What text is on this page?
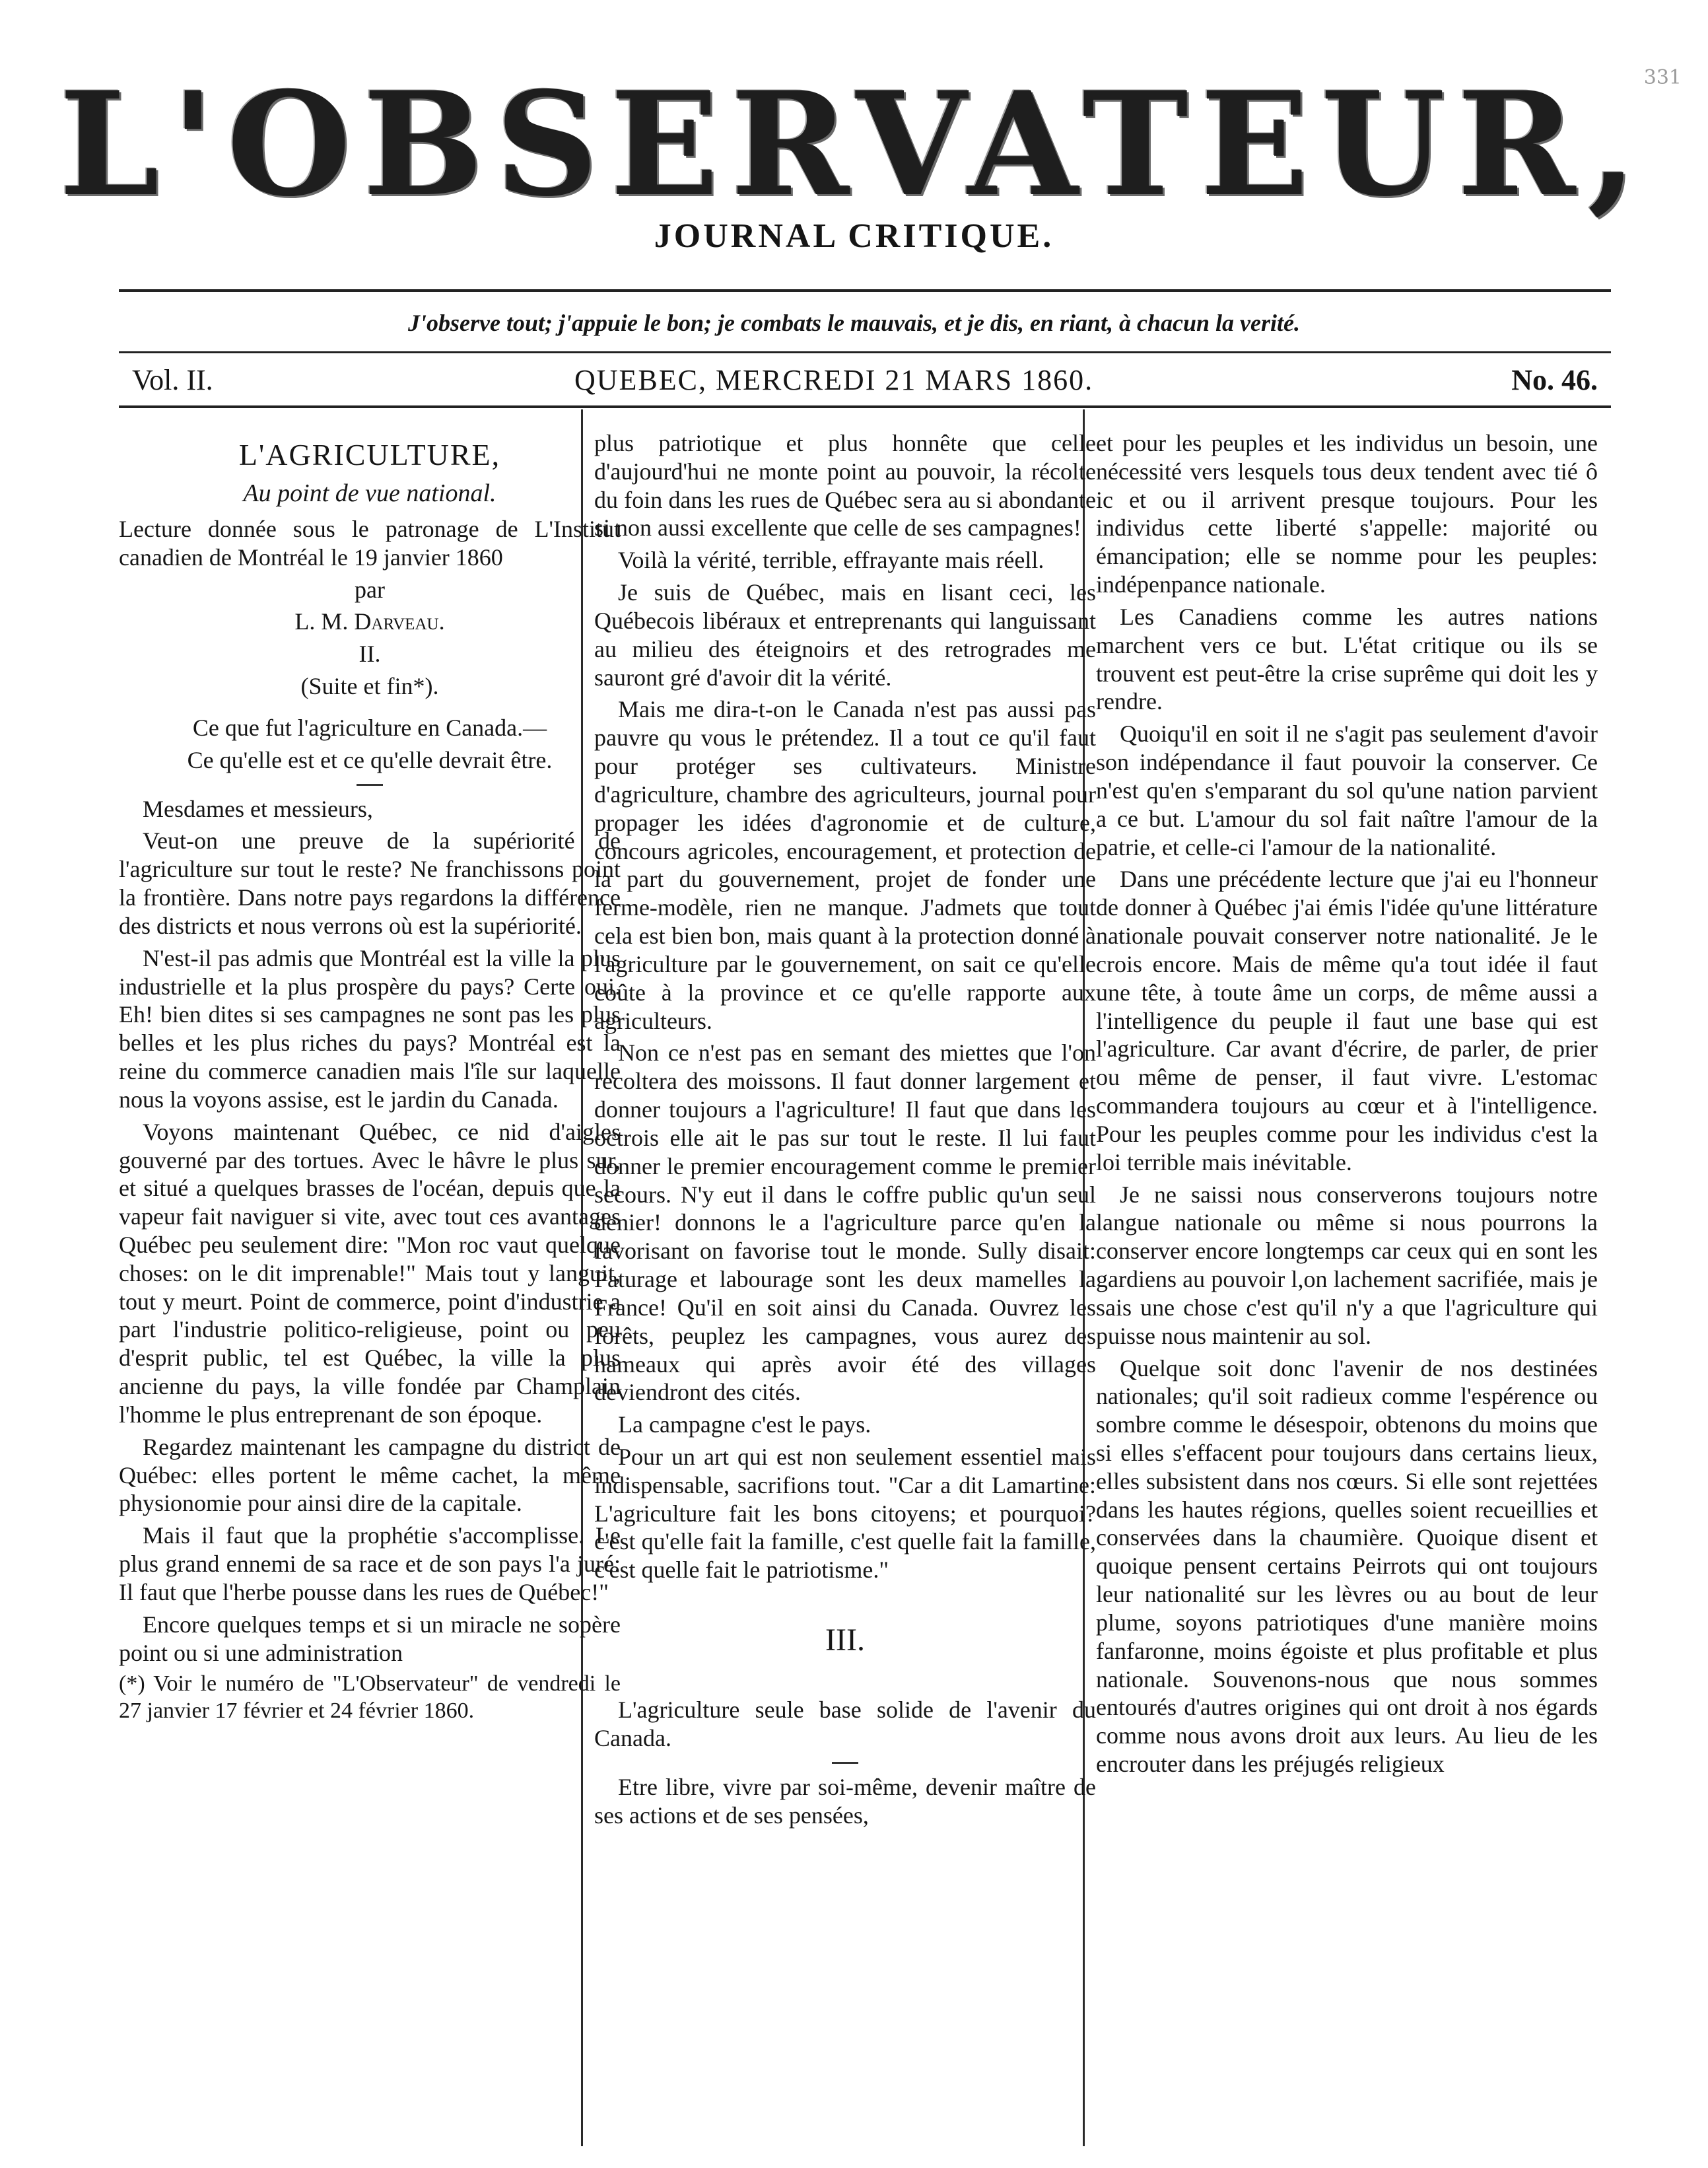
331
L'OBSERVATEUR,
JOURNAL CRITIQUE.
J'observe tout; j'appuie le bon; je combats le mauvais, et je dis, en riant, à chacun la verité.
Vol. II.	QUEBEC, MERCREDI 21 MARS 1860.	No. 46.
L'AGRICULTURE,
Au point de vue national.

Lecture donnée sous le patronage de L'Institut canadien de Montréal le 19 janvier 1860

par

L. M. Darveau.

II.

(Suite et fin*).

Ce que fut l'agriculture en Canada.—

Ce qu'elle est et ce qu'elle devrait être.

Mesdames et messieurs,

Veut-on une preuve de la supériorité de l'agriculture sur tout le reste? Ne franchissons point la frontière. Dans notre pays regardons la différence des districts et nous verrons où est la supériorité.

N'est-il pas admis que Montréal est la ville la plus industrielle et la plus prospère du pays? Certe oui. Eh! bien dites si ses campagnes ne sont pas les plus belles et les plus riches du pays? Montréal est la reine du commerce canadien mais l'île sur laquelle nous la voyons assise, est le jardin du Canada.

Voyons maintenant Québec, ce nid d'aigles gouverné par des tortues. Avec le hâvre le plus sur, et situé a quelques brasses de l'océan, depuis que la vapeur fait naviguer si vite, avec tout ces avantages Québec peu seulement dire: "Mon roc vaut quelque choses: on le dit imprenable!" Mais tout y languit, tout y meurt. Point de commerce, point d'industrie a part l'industrie politico-religieuse, point ou peu d'esprit public, tel est Québec, la ville la plus ancienne du pays, la ville fondée par Champlain l'homme le plus entreprenant de son époque.

Regardez maintenant les campagne du district de Québec: elles portent le même cachet, la même physionomie pour ainsi dire de la capitale.

Mais il faut que la prophétie s'accomplisse. Le plus grand ennemi de sa race et de son pays l'a juré: Il faut que l'herbe pousse dans les rues de Québec!"

Encore quelques temps et si un miracle ne sopère point ou si une administration

(*) Voir le numéro de "L'Observateur" de vendredi le 27 janvier 17 février et 24 février 1860.

plus patriotique et plus honnête que celle d'aujourd'hui ne monte point au pouvoir, la récolte du foin dans les rues de Québec sera au si abondante si non aussi excellente que celle de ses campagnes!

Voilà la vérité, terrible, effrayante mais réell.

Je suis de Québec, mais en lisant ceci, les Québecois libéraux et entreprenants qui languissant au milieu des éteignoirs et des retrogrades me sauront gré d'avoir dit la vérité.

Mais me dira-t-on le Canada n'est pas aussi pas pauvre qu vous le prétendez. Il a tout ce qu'il faut pour protéger ses cultivateurs. Ministre d'agriculture, chambre des agriculteurs, journal pour propager les idées d'agronomie et de culture, concours agricoles, encouragement, et protection de la part du gouvernement, projet de fonder une ferme-modèle, rien ne manque. J'admets que tout cela est bien bon, mais quant à la protection donné à l'agriculture par le gouvernement, on sait ce qu'elle coûte à la province et ce qu'elle rapporte aux agriculteurs.

Non ce n'est pas en semant des miettes que l'on recoltera des moissons. Il faut donner largement et donner toujours a l'agriculture! Il faut que dans les octrois elle ait le pas sur tout le reste. Il lui faut donner le premier encouragement comme le premier secours. N'y eut il dans le coffre public qu'un seul denier! donnons le a l'agriculture parce qu'en la favorisant on favorise tout le monde. Sully disait: Paturage et labourage sont les deux mamelles la France! Qu'il en soit ainsi du Canada. Ouvrez les forêts, peuplez les campagnes, vous aurez des hameaux qui après avoir été des villages deviendront des cités.

La campagne c'est le pays.

Pour un art qui est non seulement essentiel mais indispensable, sacrifions tout. "Car a dit Lamartine: L'agriculture fait les bons citoyens; et pourquoi? c'est qu'elle fait la famille, c'est quelle fait la famille, c'est quelle fait le patriotisme."

III.

L'agriculture seule base solide de l'avenir du Canada.

Etre libre, vivre par soi-même, devenir maître de ses actions et de ses pensées,

et pour les peuples et les individus un besoin, une nécessité vers lesquels tous deux tendent avec tié ô ic et ou il arrivent presque toujours. Pour les individus cette liberté s'appelle: majorité ou émancipation; elle se nomme pour les peuples: indépenpance nationale.

Les Canadiens comme les autres nations marchent vers ce but. L'état critique ou ils se trouvent est peut-être la crise suprême qui doit les y rendre.

Quoiqu'il en soit il ne s'agit pas seulement d'avoir son indépendance il faut pouvoir la conserver. Ce n'est qu'en s'emparant du sol qu'une nation parvient a ce but. L'amour du sol fait naître l'amour de la patrie, et celle-ci l'amour de la nationalité.

Dans une précédente lecture que j'ai eu l'honneur de donner à Québec j'ai émis l'idée qu'une littérature nationale pouvait conserver notre nationalité. Je le crois encore. Mais de même qu'a tout idée il faut une tête, à toute âme un corps, de même aussi a l'intelligence du peuple il faut une base qui est l'agriculture. Car avant d'écrire, de parler, de prier ou même de penser, il faut vivre. L'estomac commandera toujours au cœur et à l'intelligence. Pour les peuples comme pour les individus c'est la loi terrible mais inévitable.

Je ne saissi nous conserverons toujours notre langue nationale ou même si nous pourrons la conserver encore longtemps car ceux qui en sont les gardiens au pouvoir l,on lachement sacrifiée, mais je sais une chose c'est qu'il n'y a que l'agriculture qui puisse nous maintenir au sol.

Quelque soit donc l'avenir de nos destinées nationales; qu'il soit radieux comme l'espérence ou sombre comme le désespoir, obtenons du moins que si elles s'effacent pour toujours dans certains lieux, elles subsistent dans nos cœurs. Si elle sont rejettées dans les hautes régions, quelles soient recueillies et conservées dans la chaumière. Quoique disent et quoique pensent certains Peirrots qui ont toujours leur nationalité sur les lèvres ou au bout de leur plume, soyons patriotiques d'une manière moins fanfaronne, moins égoiste et plus profitable et plus nationale. Souvenons-nous que nous sommes entourés d'autres origines qui ont droit à nos égards comme nous avons droit aux leurs. Au lieu de les encrouter dans les préjugés religieux
